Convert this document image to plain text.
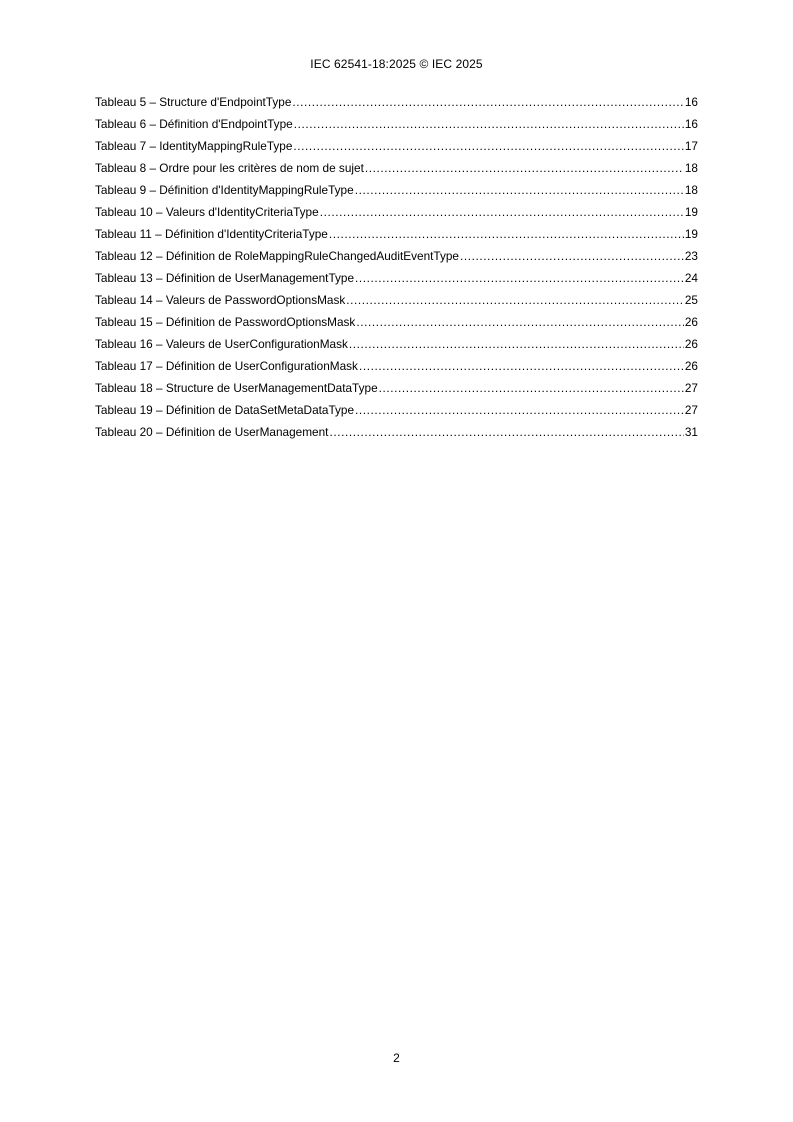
IEC 62541-18:2025 © IEC 2025
Tableau 5 – Structure d'EndpointType .....	16
Tableau 6 – Définition d'EndpointType .....	16
Tableau 7 – IdentityMappingRuleType .....	17
Tableau 8 – Ordre pour les critères de nom de sujet .....	18
Tableau 9 – Définition d'IdentityMappingRuleType .....	18
Tableau 10 – Valeurs d'IdentityCriteriaType .....	19
Tableau 11 – Définition d'IdentityCriteriaType .....	19
Tableau 12 – Définition de RoleMappingRuleChangedAuditEventType .....	23
Tableau 13 – Définition de UserManagementType .....	24
Tableau 14 – Valeurs de PasswordOptionsMask .....	25
Tableau 15 – Définition de PasswordOptionsMask .....	26
Tableau 16 – Valeurs de UserConfigurationMask .....	26
Tableau 17 – Définition de UserConfigurationMask .....	26
Tableau 18 – Structure de UserManagementDataType .....	27
Tableau 19 – Définition de DataSetMetaDataType .....	27
Tableau 20 – Définition de UserManagement .....	31
2
